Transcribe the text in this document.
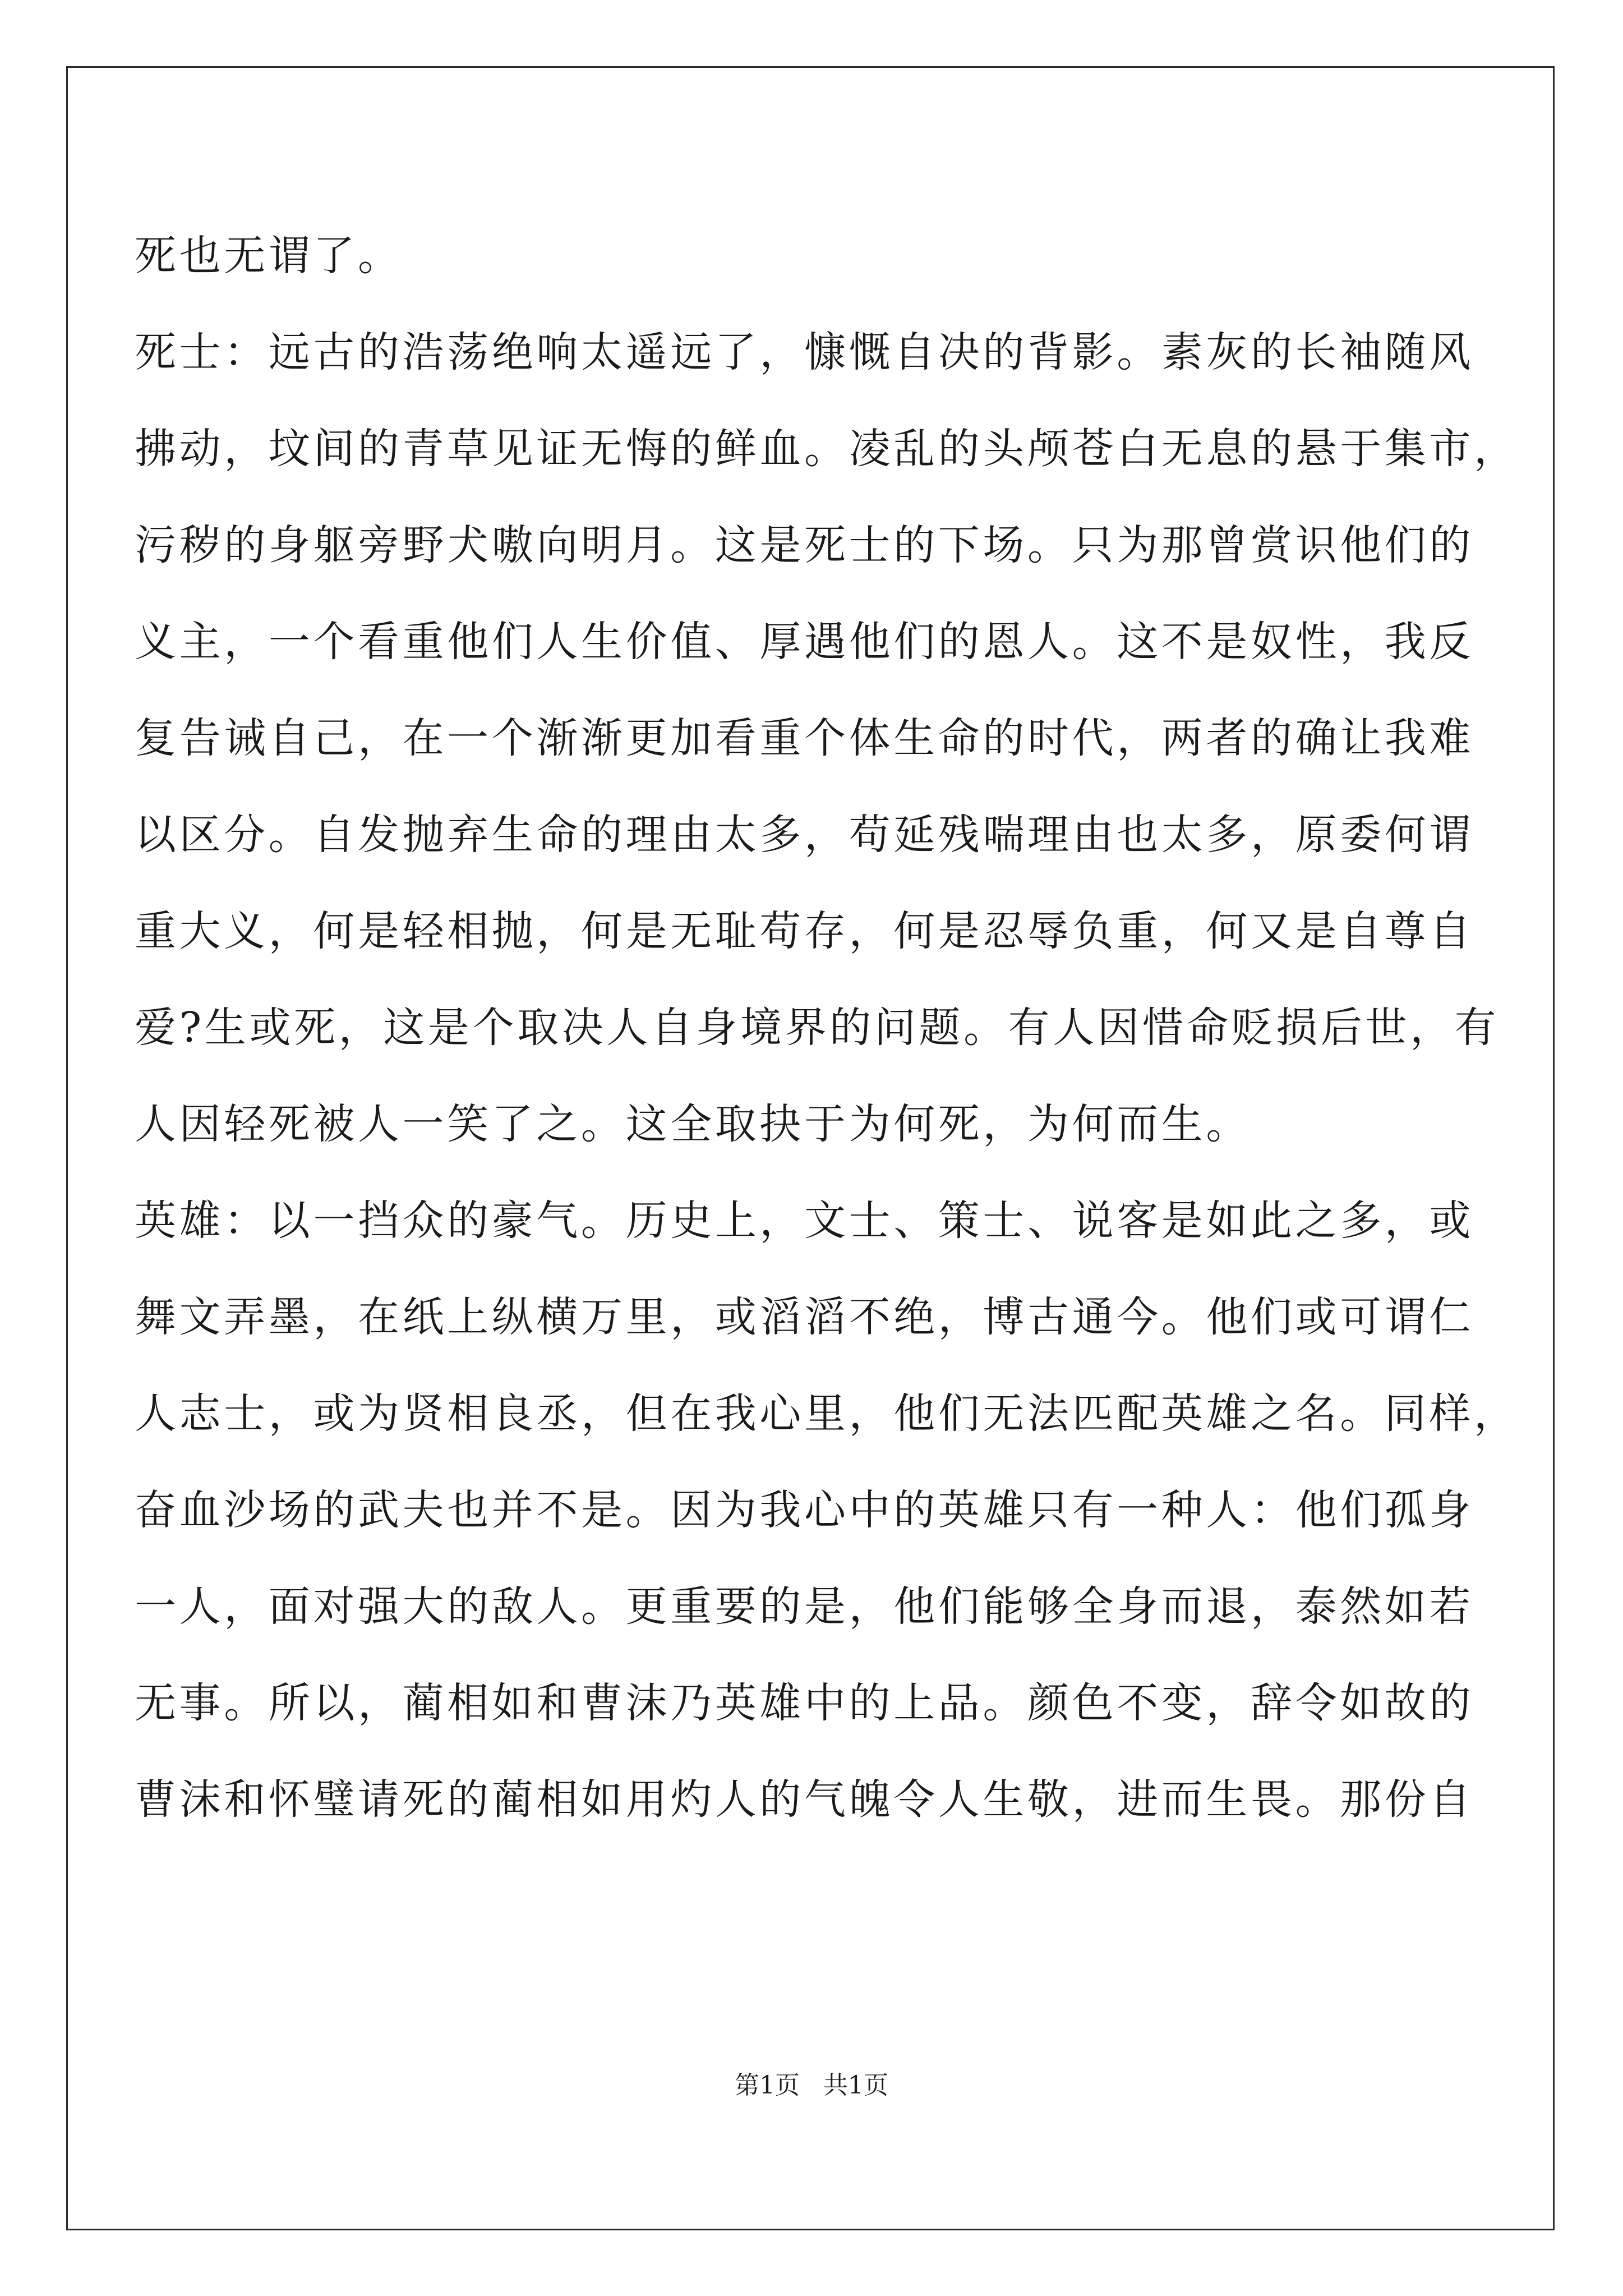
死也无谓了。
死士：远古的浩荡绝响太遥远了，慷慨自决的背影。素灰的长袖随风
拂动，坟间的青草见证无悔的鲜血。凌乱的头颅苍白无息的悬于集市，
污秽的身躯旁野犬嗷向明月。这是死士的下场。只为那曾赏识他们的
义主，一个看重他们人生价值、厚遇他们的恩人。这不是奴性，我反
复告诫自己，在一个渐渐更加看重个体生命的时代，两者的确让我难
以区分。自发抛弃生命的理由太多，苟延残喘理由也太多，原委何谓
重大义，何是轻相抛，何是无耻苟存，何是忍辱负重，何又是自尊自
爱?生或死，这是个取决人自身境界的问题。有人因惜命贬损后世，有
人因轻死被人一笑了之。这全取抉于为何死，为何而生。
英雄：以一挡众的豪气。历史上，文士、策士、说客是如此之多，或
舞文弄墨，在纸上纵横万里，或滔滔不绝，博古通今。他们或可谓仁
人志士，或为贤相良丞，但在我心里，他们无法匹配英雄之名。同样，
奋血沙场的武夫也并不是。因为我心中的英雄只有一种人：他们孤身
一人，面对强大的敌人。更重要的是，他们能够全身而退，泰然如若
无事。所以，蔺相如和曹沫乃英雄中的上品。颜色不变，辞令如故的
曹沫和怀璧请死的蔺相如用灼人的气魄令人生敬，进而生畏。那份自
第1页   共1页
